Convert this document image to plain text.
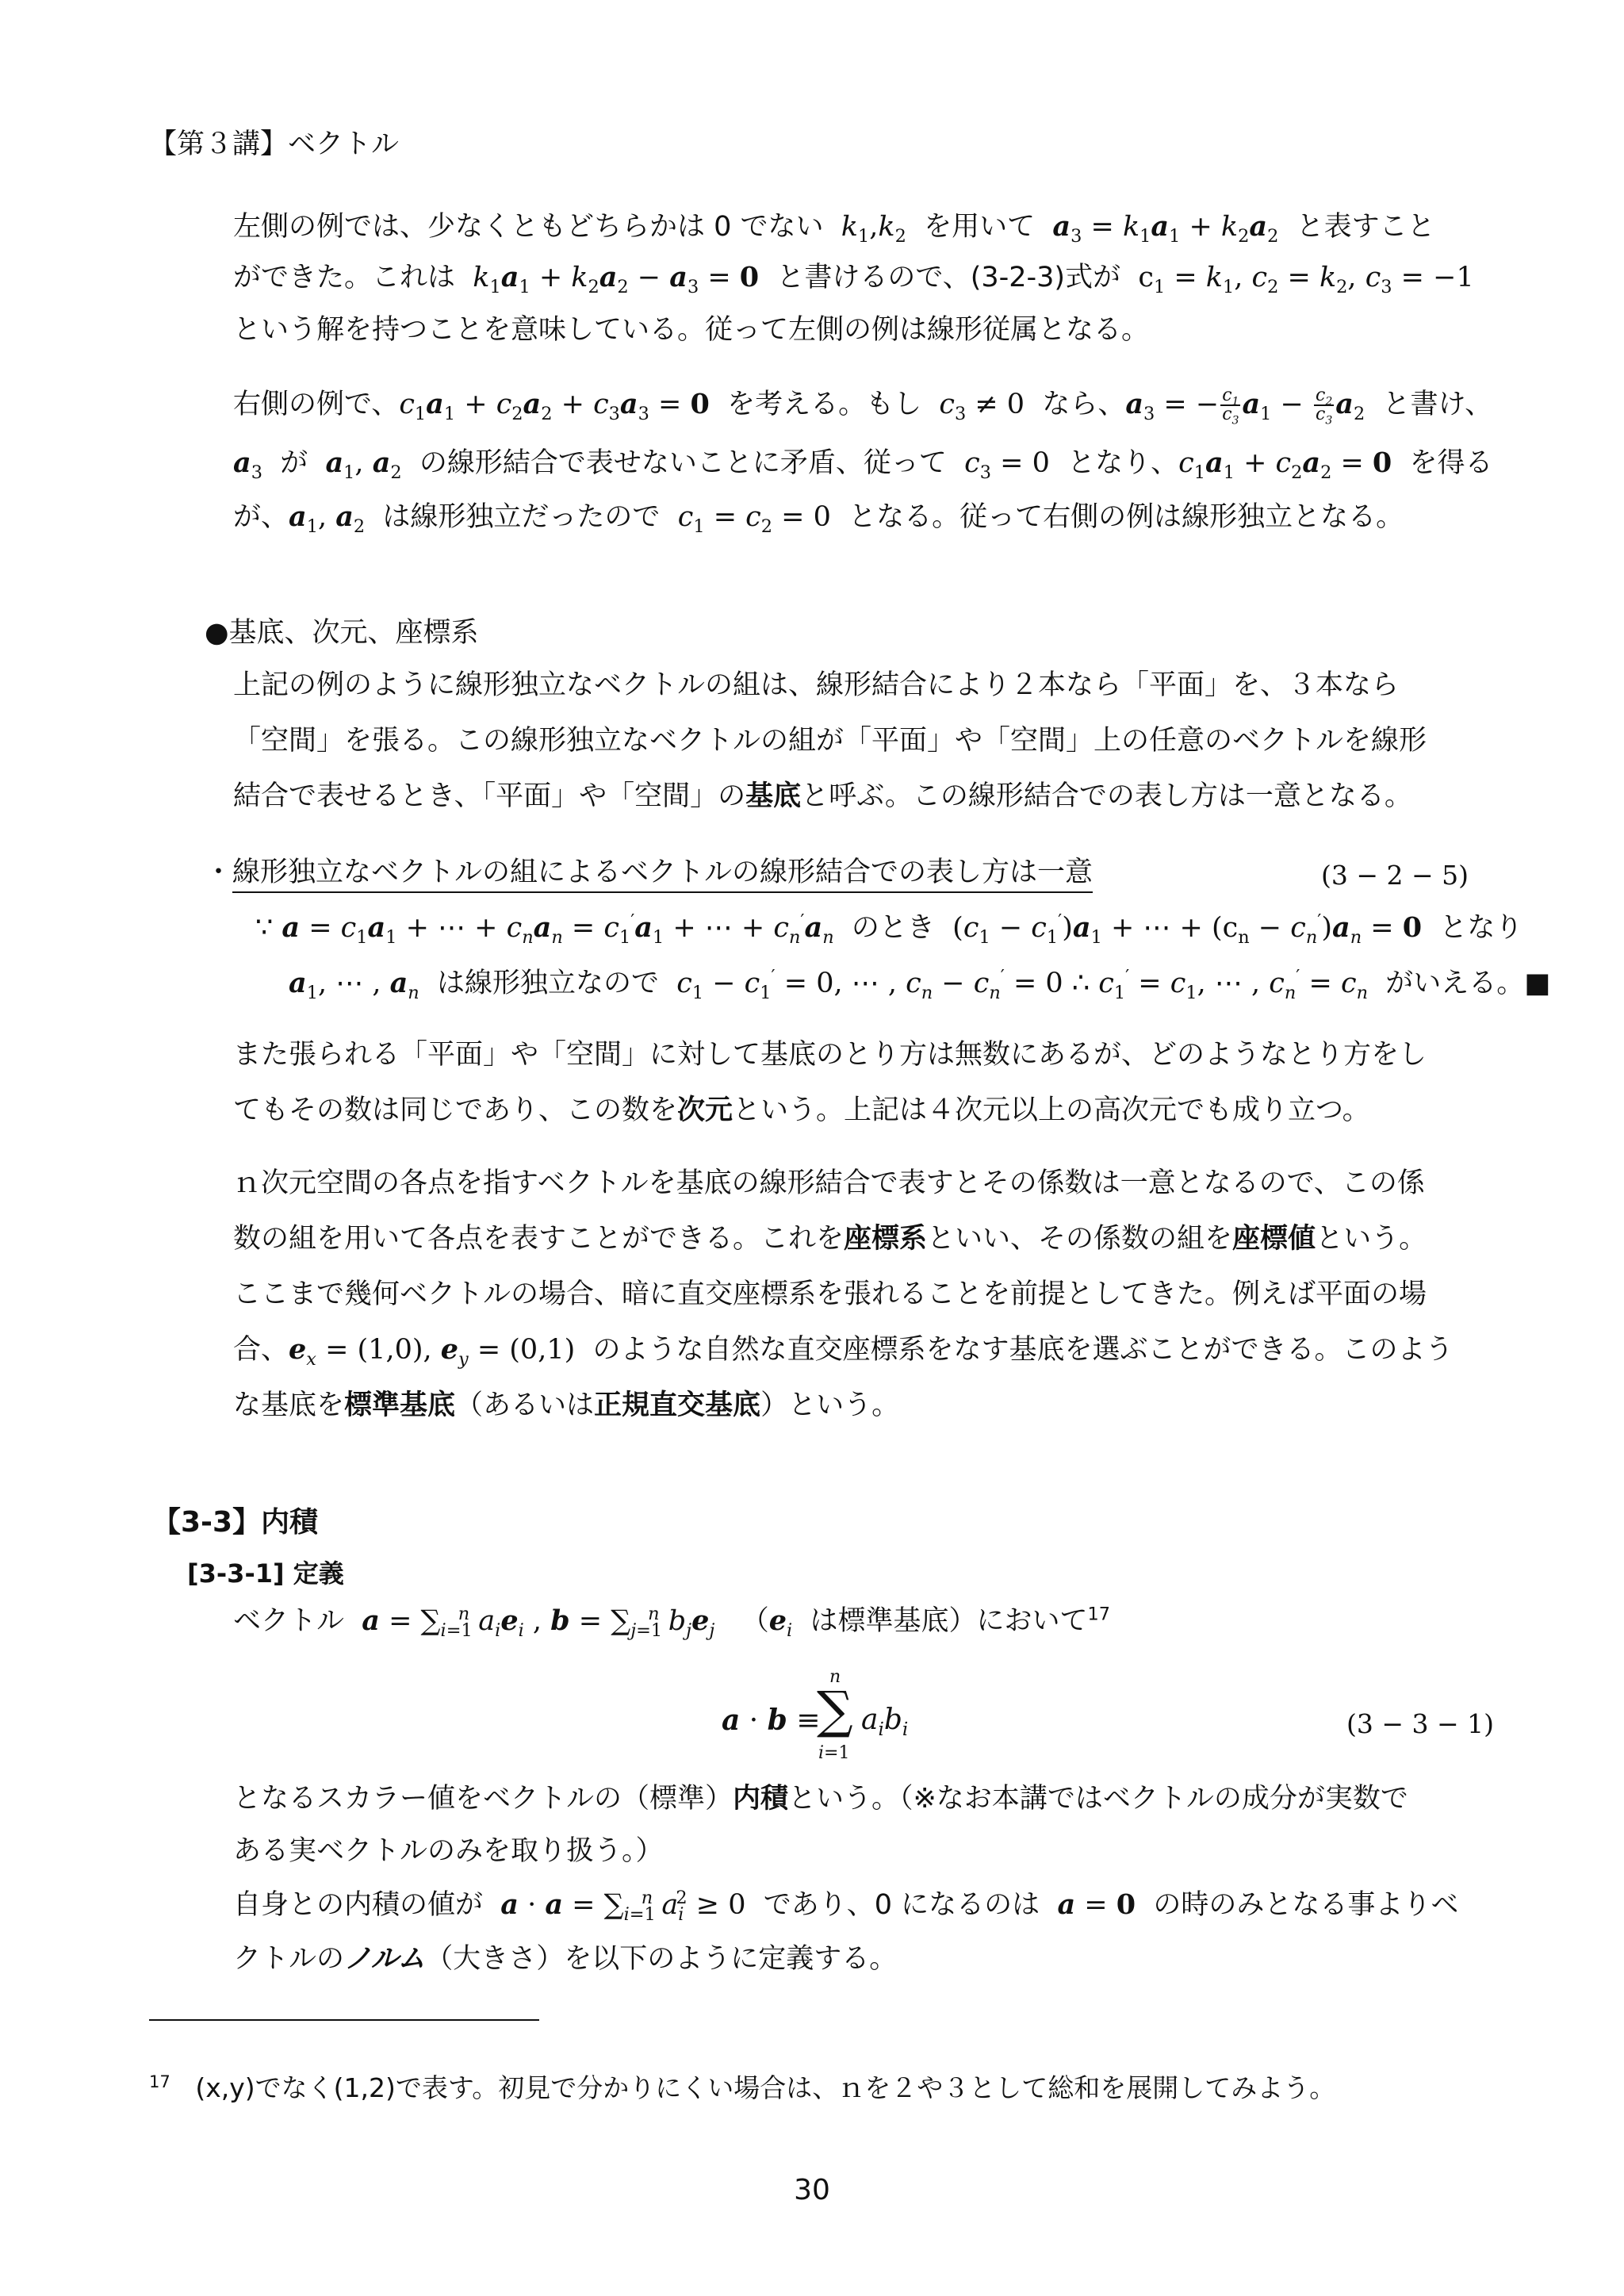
【第３講】ベクトル
左側の例では、少なくともどちらかは 0 でない $k_1,k_2$ を用いて $a_3 = k_1a_1 + k_2a_2$ と表すこと
ができた。これは $k_1a_1 + k_2a_2 - a_3 = 0$ と書けるので、(3-2-3)式が $c_1 = k_1$, $c_2 = k_2$, $c_3 = -1$
という解を持つことを意味している。従って左側の例は線形従属となる。
右側の例で、$c_1a_1 + c_2a_2 + c_3a_3 = 0$ を考える。もし $c_3 \ne 0$ なら、$a_3$ = − $\frac{c_1}{c_3} a_1 - \frac{c_2}{c_3} a_2$ と書け、
$a_3$ が $a_1$, $a_2$ の線形結合で表せないことに矛盾、従って $c_3 = 0$ となり、$c_1a_1 + c_2a_2 = 0$ を得る
が、$a_1$, $a_2$ は線形独立だったので $c_1 = c_2 = 0$ となる。従って右側の例は線形独立となる。
●基底、次元、座標系
上記の例のように線形独立なベクトルの組は、線形結合により２本なら「平面」を、３本なら
「空間」を張る。この線形独立なベクトルの組が「平面」や「空間」上の任意のベクトルを線形
結合で表せるとき、「平面」や「空間」の基底と呼ぶ。この線形結合での表し方は一意となる。
・線形独立なベクトルの組によるベクトルの線形結合での表し方は一意	(3 − 2 − 5)
∵ $a = c_1a_1$ + ⋯ + $c_na_n = c_1'a_1$ + ⋯ + $c_n'a_n$ のとき $(c_1 - c_1')a_1$ + ⋯ + $(c_n - c_n')a_n = 0$ となり
$a_1$, ⋯ , $a_n$ は線形独立なので $c_1 - c_1' = 0$, ⋯ , $c_n - c_n' = 0$ ∴ $c_1' = c_1$, ⋯ , $c_n' = c_n$ がいえる。■
また張られる「平面」や「空間」に対して基底のとり方は無数にあるが、どのようなとり方をし
てもその数は同じであり、この数を次元という。上記は４次元以上の高次元でも成り立つ。
ｎ次元空間の各点を指すベクトルを基底の線形結合で表すとその係数は一意となるので、この係
数の組を用いて各点を表すことができる。これを座標系といい、その係数の組を座標値という。
ここまで幾何ベクトルの場合、暗に直交座標系を張れることを前提としてきた。例えば平面の場
合、$e_x = (1,0)$, $e_y = (0,1)$ のような自然な直交座標系をなす基底を選ぶことができる。このよう
な基底を標準基底（あるいは正規直交基底）という。
【3-3】内積
[3-3-1] 定義
ベクトル $a = \sum_{i=1}^n$ $a_ie_i$ , $b = \sum_{j=1}^n$ $b_je_j$ （$e_i$ は標準基底）において$^{17}$
a · b ≡
n
∑
i=1
$a_ib_i$	(3 − 3 − 1)
となるスカラー値をベクトルの（標準）内積という。（※なお本講ではベクトルの成分が実数で
ある実ベクトルのみを取り扱う。）
自身との内積の値が $a \cdot a = \sum_{i=1}^n$ $a_i^2 \ge 0$ であり、0 になるのは a = 0 の時のみとなる事よりベ
クトルのノルム（大きさ）を以下のように定義する。
$^{17}$ (x,y)でなく(1,2)で表す。初見で分かりにくい場合は、ｎを２や３として総和を展開してみよう。
30
